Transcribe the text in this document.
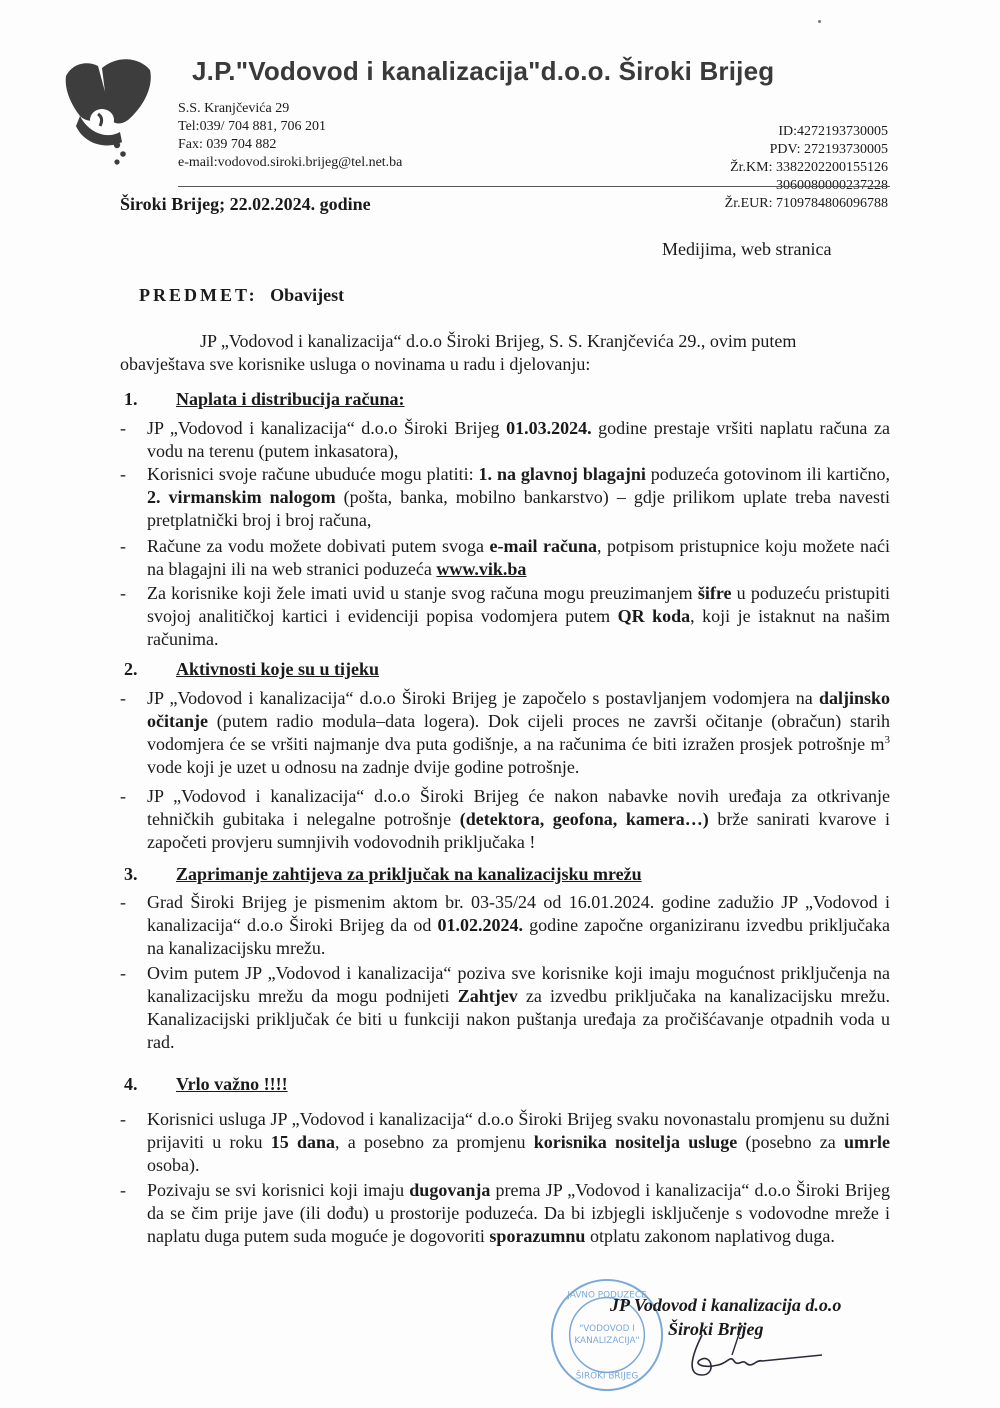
J.P."Vodovod i kanalizacija"d.o.o. Široki Brijeg
S.S. Kranjčevića 29
Tel:039/ 704 881, 706 201
Fax: 039 704 882
e-mail:vodovod.siroki.brijeg@tel.net.ba
ID:4272193730005
PDV: 272193730005
Žr.KM: 3382202200155126
3060080000237228
Žr.EUR: 7109784806096788
Široki Brijeg; 22.02.2024. godine
Medijima, web stranica
PREDMET: Obavijest
JP „Vodovod i kanalizacija“ d.o.o Široki Brijeg, S. S. Kranjčevića 29., ovim putem
obavještava sve korisnike usluga o novinama u radu i djelovanju:
1. Naplata i distribucija računa:
- JP „Vodovod i kanalizacija“ d.o.o Široki Brijeg 01.03.2024. godine prestaje vršiti naplatu računa za vodu na terenu (putem inkasatora),
- Korisnici svoje račune ubuduće mogu platiti: 1. na glavnoj blagajni poduzeća gotovinom ili kartično, 2. virmanskim nalogom (pošta, banka, mobilno bankarstvo) – gdje prilikom uplate treba navesti pretplatnički broj i broj računa,
- Račune za vodu možete dobivati putem svoga e-mail računa, potpisom pristupnice koju možete naći na blagajni ili na web stranici poduzeća www.vik.ba
- Za korisnike koji žele imati uvid u stanje svog računa mogu preuzimanjem šifre u poduzeću pristupiti svojoj analitičkoj kartici i evidenciji popisa vodomjera putem QR koda, koji je istaknut na našim računima.
2. Aktivnosti koje su u tijeku
- JP „Vodovod i kanalizacija“ d.o.o Široki Brijeg je započelo s postavljanjem vodomjera na daljinsko očitanje (putem radio modula–data logera). Dok cijeli proces ne završi očitanje (obračun) starih vodomjera će se vršiti najmanje dva puta godišnje, a na računima će biti izražen prosjek potrošnje $m^3$ vode koji je uzet u odnosu na zadnje dvije godine potrošnje.
- JP „Vodovod i kanalizacija“ d.o.o Široki Brijeg će nakon nabavke novih uređaja za otkrivanje tehničkih gubitaka i nelegalne potrošnje (detektora, geofona, kamera…) brže sanirati kvarove i započeti provjeru sumnjivih vodovodnih priključaka !
3. Zaprimanje zahtijeva za priključak na kanalizacijsku mrežu
- Grad Široki Brijeg je pismenim aktom br. 03-35/24 od 16.01.2024. godine zadužio JP „Vodovod i kanalizacija“ d.o.o Široki Brijeg da od 01.02.2024. godine započne organiziranu izvedbu priključaka na kanalizacijsku mrežu.
- Ovim putem JP „Vodovod i kanalizacija“ poziva sve korisnike koji imaju mogućnost priključenja na kanalizacijsku mrežu da mogu podnijeti Zahtjev za izvedbu priključaka na kanalizacijsku mrežu. Kanalizacijski priključak će biti u funkciji nakon puštanja uređaja za pročišćavanje otpadnih voda u rad.
4. Vrlo važno !!!!
- Korisnici usluga JP „Vodovod i kanalizacija“ d.o.o Široki Brijeg svaku novonastalu promjenu su dužni prijaviti u roku 15 dana, a posebno za promjenu korisnika nositelja usluge (posebno za umrle osoba).
- Pozivaju se svi korisnici koji imaju dugovanja prema JP „Vodovod i kanalizacija“ d.o.o Široki Brijeg da se čim prije jave (ili dođu) u prostorije poduzeća. Da bi izbjegli isključenje s vodovodne mreže i naplatu duga putem suda moguće je dogovoriti sporazumnu otplatu zakonom naplativog duga.
JAVNO PODUZEĆE
"VODOVOD I
KANALIZACIJA"
ŠIROKI BRIJEG
JP Vodovod i kanalizacija d.o.o
Široki Brijeg
